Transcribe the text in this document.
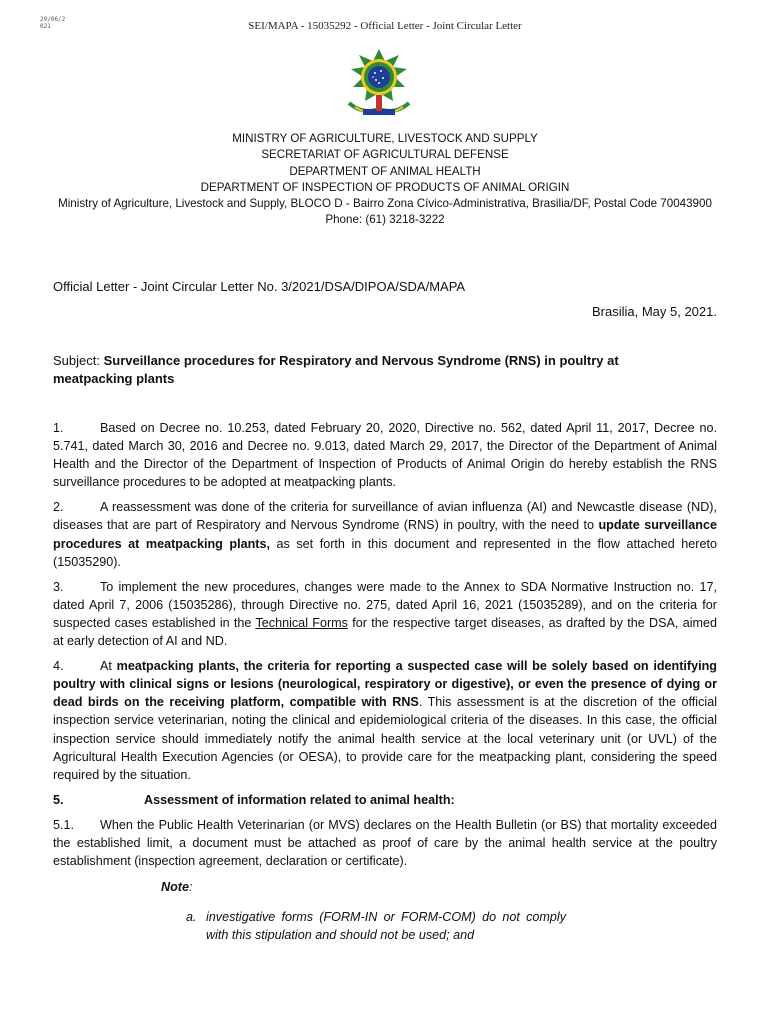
29/06/2
021	SEI/MAPA - 15035292 - Official Letter - Joint Circular Letter
MINISTRY OF AGRICULTURE, LIVESTOCK AND SUPPLY
SECRETARIAT OF AGRICULTURAL DEFENSE
DEPARTMENT OF ANIMAL HEALTH
DEPARTMENT OF INSPECTION OF PRODUCTS OF ANIMAL ORIGIN
Ministry of Agriculture, Livestock and Supply, BLOCO D - Bairro Zona Cívico-Administrativa, Brasilia/DF, Postal Code 70043900
Phone: (61) 3218-3222
Official Letter - Joint Circular Letter No. 3/2021/DSA/DIPOA/SDA/MAPA
Brasilia, May 5, 2021.
Subject: Surveillance procedures for Respiratory and Nervous Syndrome (RNS) in poultry at meatpacking plants

1.	Based on Decree no. 10.253, dated February 20, 2020, Directive no. 562, dated April 11, 2017, Decree no. 5.741, dated March 30, 2016 and Decree no. 9.013, dated March 29, 2017, the Director of the Department of Animal Health and the Director of the Department of Inspection of Products of Animal Origin do hereby establish the RNS surveillance procedures to be adopted at meatpacking plants.

2.	A reassessment was done of the criteria for surveillance of avian influenza (AI) and Newcastle disease (ND), diseases that are part of Respiratory and Nervous Syndrome (RNS) in poultry, with the need to update surveillance procedures at meatpacking plants, as set forth in this document and represented in the flow attached hereto (15035290).

3.	To implement the new procedures, changes were made to the Annex to SDA Normative Instruction no. 17, dated April 7, 2006 (15035286), through Directive no. 275, dated April 16, 2021 (15035289), and on the criteria for suspected cases established in the Technical Forms for the respective target diseases, as drafted by the DSA, aimed at early detection of AI and ND.

4.	At meatpacking plants, the criteria for reporting a suspected case will be solely based on identifying poultry with clinical signs or lesions (neurological, respiratory or digestive), or even the presence of dying or dead birds on the receiving platform, compatible with RNS. This assessment is at the discretion of the official inspection service veterinarian, noting the clinical and epidemiological criteria of the diseases. In this case, the official inspection service should immediately notify the animal health service at the local veterinary unit (or UVL) of the Agricultural Health Execution Agencies (or OESA), to provide care for the meatpacking plant, considering the speed required by the situation.

5.	Assessment of information related to animal health:

5.1. When the Public Health Veterinarian (or MVS) declares on the Health Bulletin (or BS) that mortality exceeded the established limit, a document must be attached as proof of care by the animal health service at the poultry establishment (inspection agreement, declaration or certificate).

Note:
a. investigative forms (FORM-IN or FORM-COM) do not comply with this stipulation and should not be used; and
